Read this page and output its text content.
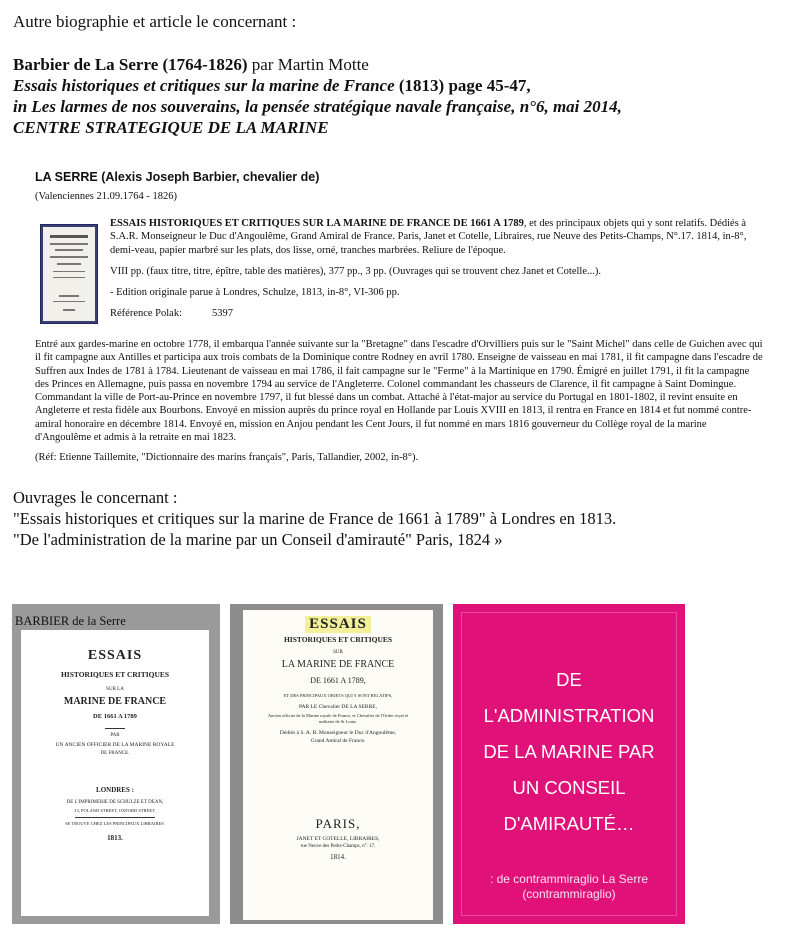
Autre biographie et article le concernant :
Barbier de La Serre (1764-1826) par Martin Motte
Essais historiques et critiques sur la marine de France (1813) page 45-47,
in Les larmes de nos souverains, la pensée stratégique navale française, n°6, mai 2014,
CENTRE STRATEGIQUE DE LA MARINE
LA SERRE (Alexis Joseph Barbier, chevalier de)
(Valenciennes 21.09.1764 - 1826)
ESSAIS HISTORIQUES ET CRITIQUES SUR LA MARINE DE FRANCE DE 1661 A 1789, et des principaux objets qui y sont relatifs. Dédiés à S.A.R. Monseigneur le Duc d'Angoulême, Grand Amiral de France. Paris, Janet et Cotelle, Libraires, rue Neuve des Petits-Champs, N°.17. 1814, in-8°, demi-veau, papier marbré sur les plats, dos lisse, orné, tranches marbrées. Reliure de l'époque.
VIII pp. (faux titre, titre, épître, table des matières), 377 pp., 3 pp. (Ouvrages qui se trouvent chez Janet et Cotelle...).
- Edition originale parue à Londres, Schulze, 1813, in-8°, VI-306 pp.
Référence Polak:	5397
Entré aux gardes-marine en octobre 1778, il embarqua l'année suivante sur la "Bretagne" dans l'escadre d'Orvilliers puis sur le "Saint Michel" dans celle de Guichen avec qui il fit campagne aux Antilles et participa aux trois combats de la Dominique contre Rodney en avril 1780. Enseigne de vaisseau en mai 1781, il fit campagne dans l'escadre de Suffren aux Indes de 1781 à 1784. Lieutenant de vaisseau en mai 1786, il fait campagne sur le "Ferme" à la Martinique en 1790. Émigré en juillet 1791, il fit la campagne des Princes en Allemagne, puis passa en novembre 1794 au service de l'Angleterre. Colonel commandant les chasseurs de Clarence, il fit campagne à Saint Domingue. Commandant la ville de Port-au-Prince en novembre 1797, il fut blessé dans un combat. Attaché à l'état-major au service du Portugal en 1801-1802, il revint ensuite en Angleterre et resta fidèle aux Bourbons. Envoyé en mission auprès du prince royal en Hollande par Louis XVIII en 1813, il rentra en France en 1814 et fut nommé contre-amiral honoraire en décembre 1814. Envoyé en, mission en Anjou pendant les Cent Jours, il fut nommé en mars 1816 gouverneur du Collège royal de la marine d'Angoulême et admis à la retraite en mai 1823.
(Réf: Etienne Taillemite, "Dictionnaire des marins français", Paris, Tallandier, 2002, in-8°).
Ouvrages le concernant :
"Essais historiques et critiques sur la marine de France de 1661 à 1789" à Londres en 1813.
"De l'administration de la marine par un Conseil d'amirauté" Paris, 1824 »
BARBIER de la Serre
ESSAIS
HISTORIQUES ET CRITIQUES
SUR LA
MARINE DE FRANCE
DE 1661 A 1789
PAR
UN ANCIEN OFFICIER DE LA MARINE ROYALE
DE FRANCE.
LONDRES :
DE L'IMPRIMERIE DE SCHULZE ET DEAN,
13, POLAND STREET, OXFORD STREET.
SE TROUVE CHEZ LES PRINCIPAUX LIBRAIRES.
1813.
ESSAIS
HISTORIQUES ET CRITIQUES
SUR
LA MARINE DE FRANCE
DE 1661 A 1789,
ET DES PRINCIPAUX OBJETS QUI Y SONT RELATIFS,
PAR LE Chevalier DE LA SERRE,
Ancien officier de la Marine royale de France, et Chevalier de l'Ordre royal et militaire de St Louis.
Dédiés à S. A. R. Monseigneur le Duc d'Angoulême,
Grand Amiral de France.
PARIS,
JANET ET COTELLE, LIBRAIRES,
rue Neuve des Petits-Champs, n°. 17.
1814.
DE
L'ADMINISTRATION
DE LA MARINE PAR
UN CONSEIL
D'AMIRAUTÉ…
: de contrammiraglio La Serre
(contrammiraglio)
